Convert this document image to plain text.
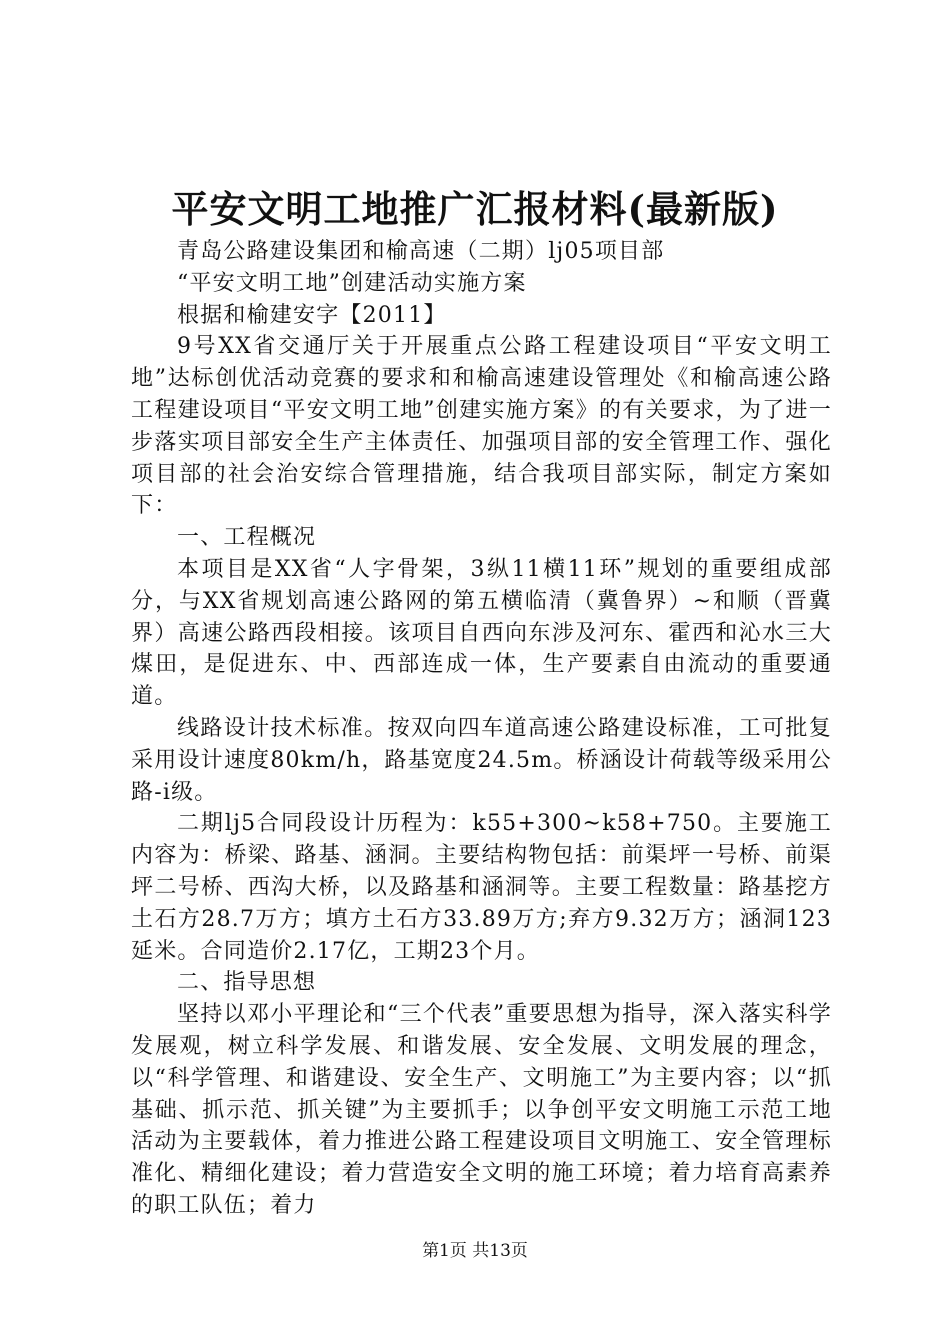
平安文明工地推广汇报材料(最新版)

青岛公路建设集团和榆高速（二期）lj05项目部

“平安文明工地”创建活动实施方案

根据和榆建安字【2011】

9号XX省交通厅关于开展重点公路工程建设项目“平安文明工地”达标创优活动竞赛的要求和和榆高速建设管理处《和榆高速公路工程建设项目“平安文明工地”创建实施方案》的有关要求，为了进一步落实项目部安全生产主体责任、加强项目部的安全管理工作、强化项目部的社会治安综合管理措施，结合我项目部实际，制定方案如下：

一、工程概况

本项目是XX省“人字骨架，3纵11横11环”规划的重要组成部分，与XX省规划高速公路网的第五横临清（冀鲁界）~和顺（晋冀界）高速公路西段相接。该项目自西向东涉及河东、霍西和沁水三大煤田，是促进东、中、西部连成一体，生产要素自由流动的重要通道。

线路设计技术标准。按双向四车道高速公路建设标准，工可批复采用设计速度80km/h，路基宽度24.5m。桥涵设计荷载等级采用公路-i级。

二期lj5合同段设计历程为：k55+300~k58+750。主要施工内容为：桥梁、路基、涵洞。主要结构物包括：前渠坪一号桥、前渠坪二号桥、西沟大桥，以及路基和涵洞等。主要工程数量：路基挖方土石方28.7万方；填方土石方33.89万方;弃方9.32万方；涵洞123延米。合同造价2.17亿，工期23个月。

二、指导思想

坚持以邓小平理论和“三个代表”重要思想为指导，深入落实科学发展观，树立科学发展、和谐发展、安全发展、文明发展的理念，以“科学管理、和谐建设、安全生产、文明施工”为主要内容；以“抓基础、抓示范、抓关键”为主要抓手；以争创平安文明施工示范工地活动为主要载体，着力推进公路工程建设项目文明施工、安全管理标准化、精细化建设；着力营造安全文明的施工环境；着力培育高素养的职工队伍；着力

第1页 共13页
